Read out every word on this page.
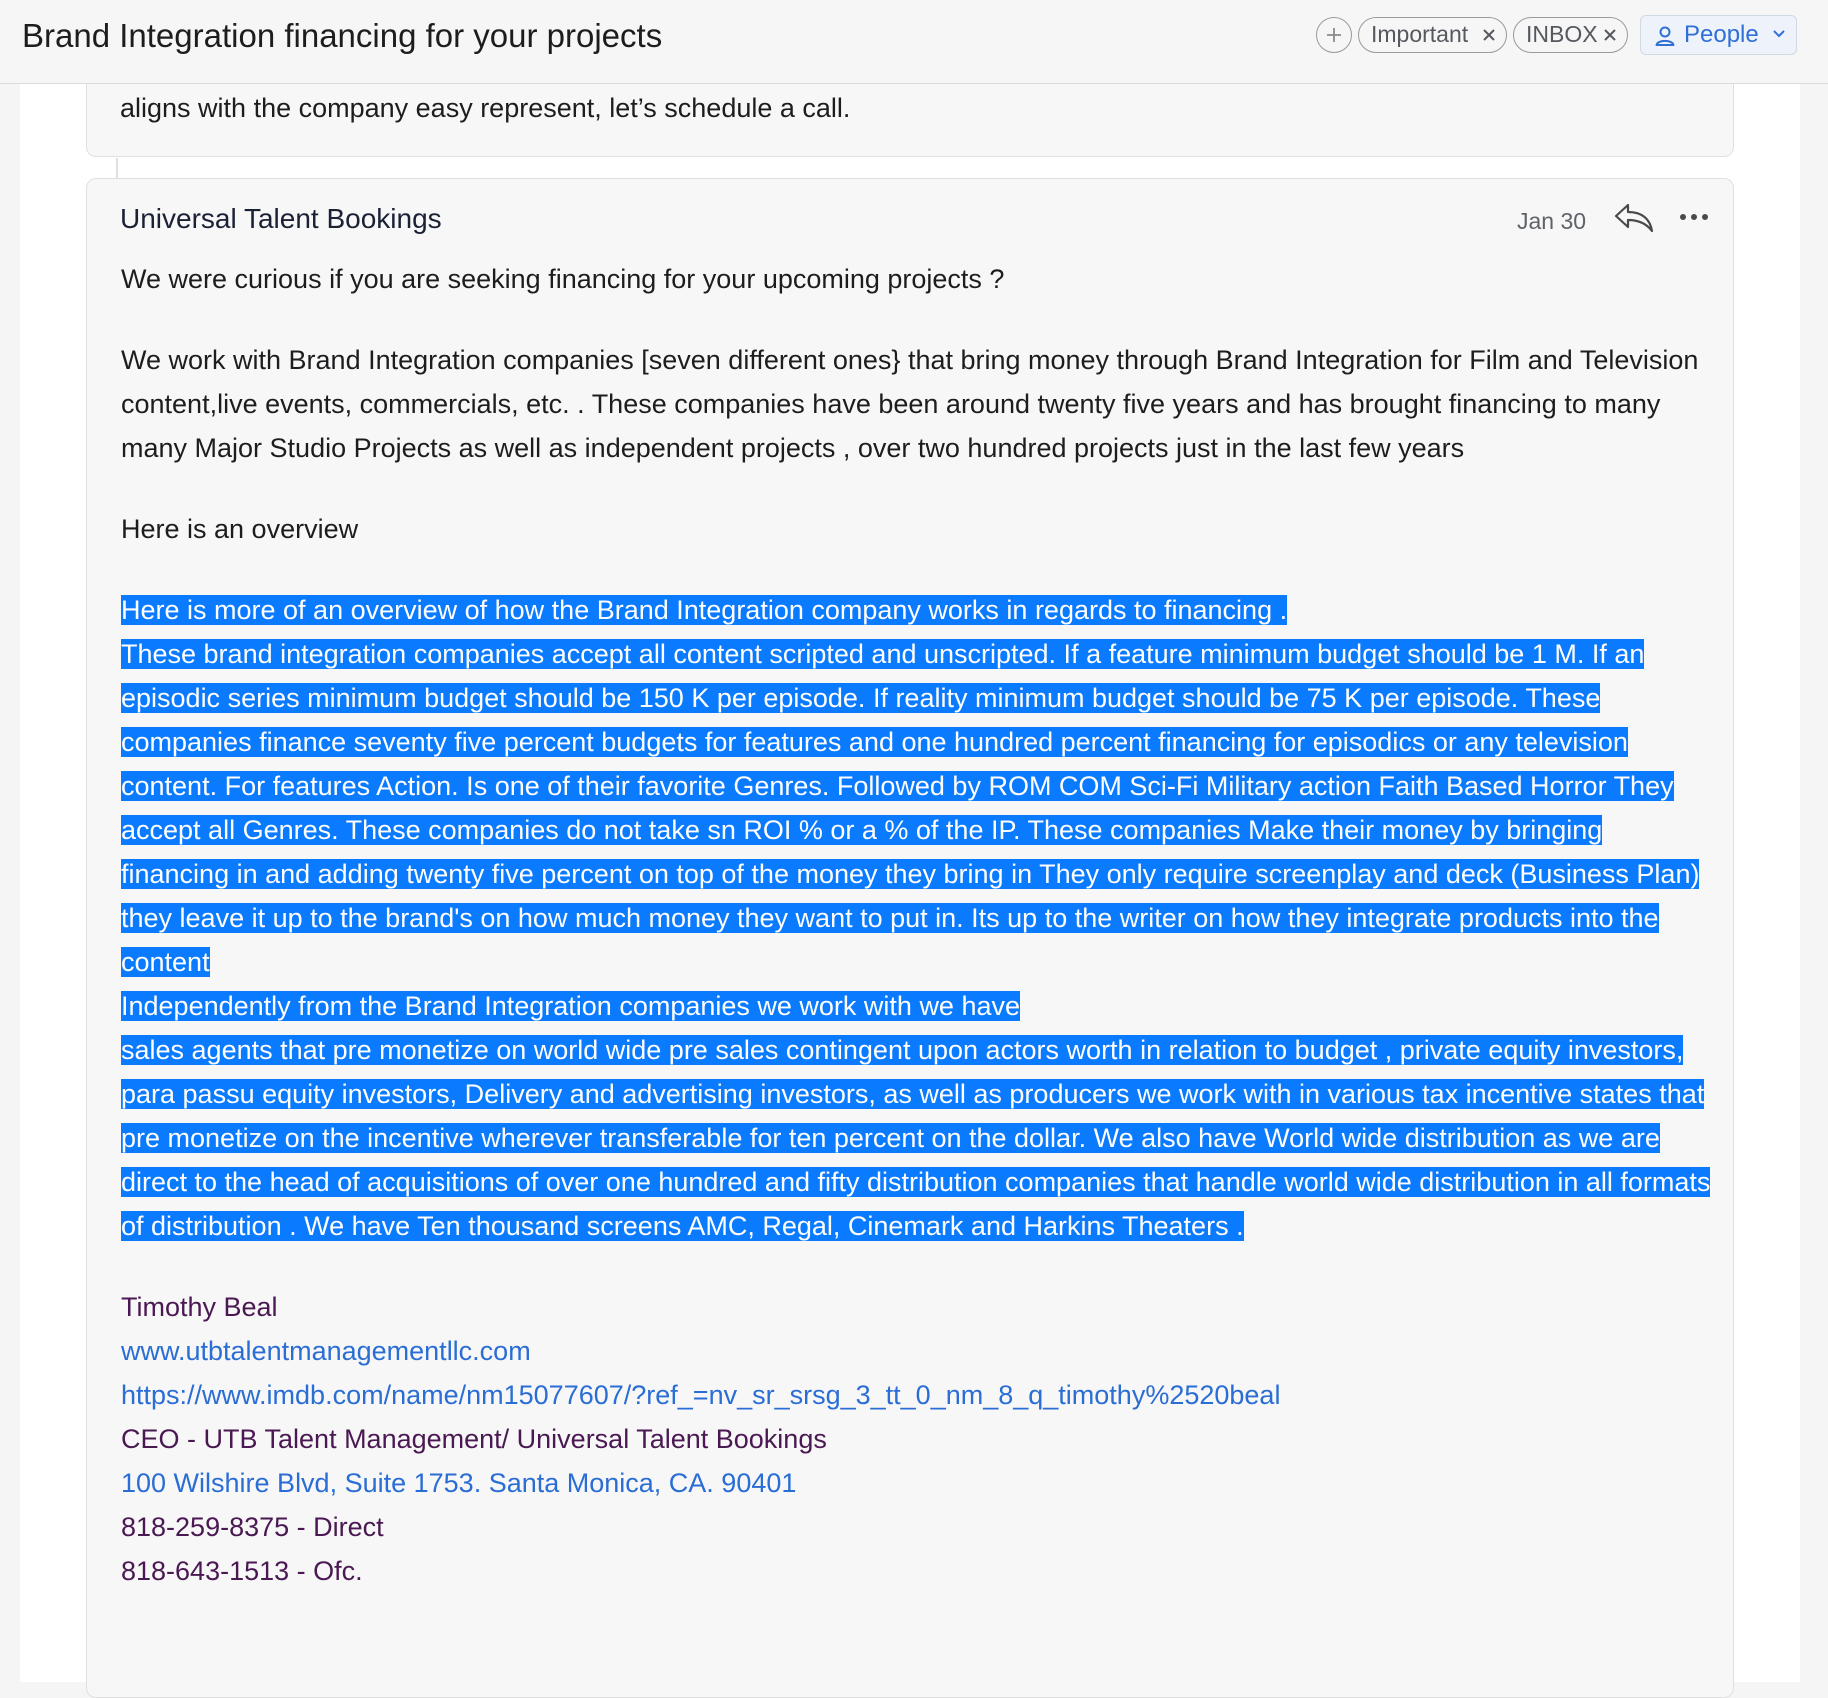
Brand Integration financing for your projects	Important	INBOX	People
aligns with the company easy represent, let’s schedule a call.
Universal Talent Bookings	Jan 30

We were curious if you are seeking financing for your upcoming projects ?

We work with Brand Integration companies [seven different ones} that bring money through Brand Integration for Film and Television content,live events, commercials, etc. . These companies have been around twenty five years and has brought financing to many many Major Studio Projects as well as independent projects , over two hundred projects just in the last few years

Here is an overview

Here is more of an overview of how the Brand Integration company works in regards to financing .

These brand integration companies accept all content scripted and unscripted. If a feature minimum budget should be 1 M. If an episodic series minimum budget should be 150 K per episode. If reality minimum budget should be 75 K per episode. These companies finance seventy five percent budgets for features and one hundred percent financing for episodics or any television content. For features Action. Is one of their favorite Genres. Followed by ROM COM Sci-Fi Military action Faith Based Horror They accept all Genres. These companies do not take sn ROI % or a % of the IP. These companies Make their money by bringing financing in and adding twenty five percent on top of the money they bring in They only require screenplay and deck (Business Plan) they leave it up to the brand's on how much money they want to put in. Its up to the writer on how they integrate products into the content

Independently from the Brand Integration companies we work with we have

sales agents that pre monetize on world wide pre sales contingent upon actors worth in relation to budget , private equity investors, para passu equity investors, Delivery and advertising investors, as well as producers we work with in various tax incentive states that pre monetize on the incentive wherever transferable for ten percent on the dollar. We also have World wide distribution as we are direct to the head of acquisitions of over one hundred and fifty distribution companies that handle world wide distribution in all formats of distribution . We have Ten thousand screens AMC, Regal, Cinemark and Harkins Theaters .

Timothy Beal

www.utbtalentmanagementllc.com

https://www.imdb.com/name/nm15077607/?ref_=nv_sr_srsg_3_tt_0_nm_8_q_timothy%2520beal

CEO - UTB Talent Management/ Universal Talent Bookings

100 Wilshire Blvd, Suite 1753. Santa Monica, CA. 90401

818-259-8375 - Direct

818-643-1513 - Ofc.
